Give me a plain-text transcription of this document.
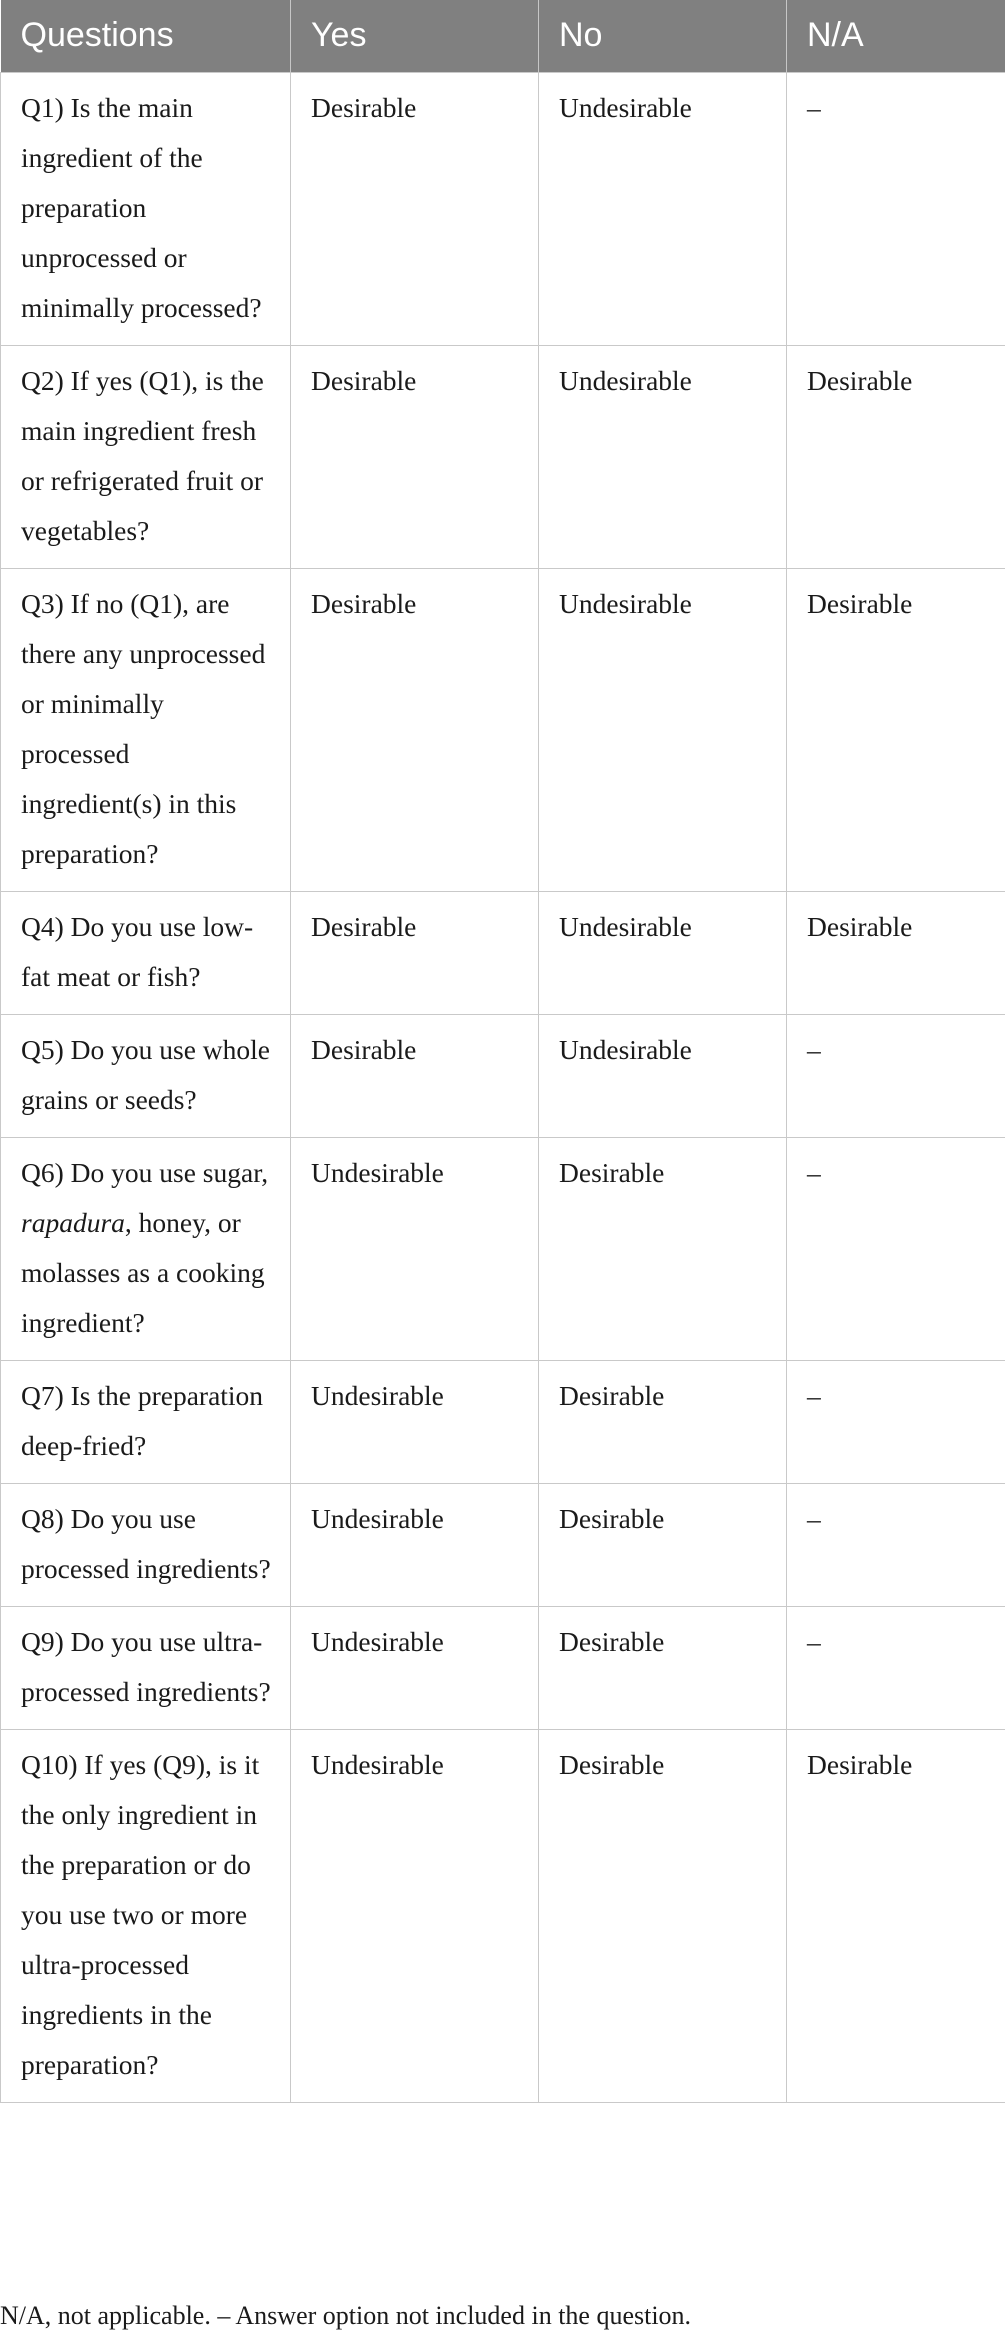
Questions	Yes	No	N/A
Q1) Is the main ingredient of the preparation unprocessed or minimally processed?	Desirable	Undesirable	–
Q2) If yes (Q1), is the main ingredient fresh or refrigerated fruit or vegetables?	Desirable	Undesirable	Desirable
Q3) If no (Q1), are there any unprocessed or minimally processed ingredient(s) in this preparation?	Desirable	Undesirable	Desirable
Q4) Do you use low-fat meat or fish?	Desirable	Undesirable	Desirable
Q5) Do you use whole grains or seeds?	Desirable	Undesirable	–
Q6) Do you use sugar, rapadura, honey, or molasses as a cooking ingredient?	Undesirable	Desirable	–
Q7) Is the preparation deep-fried?	Undesirable	Desirable	–
Q8) Do you use processed ingredients?	Undesirable	Desirable	–
Q9) Do you use ultra-processed ingredients?	Undesirable	Desirable	–
Q10) If yes (Q9), is it the only ingredient in the preparation or do you use two or more ultra-processed ingredients in the preparation?	Undesirable	Desirable	Desirable
N/A, not applicable. – Answer option not included in the question.
